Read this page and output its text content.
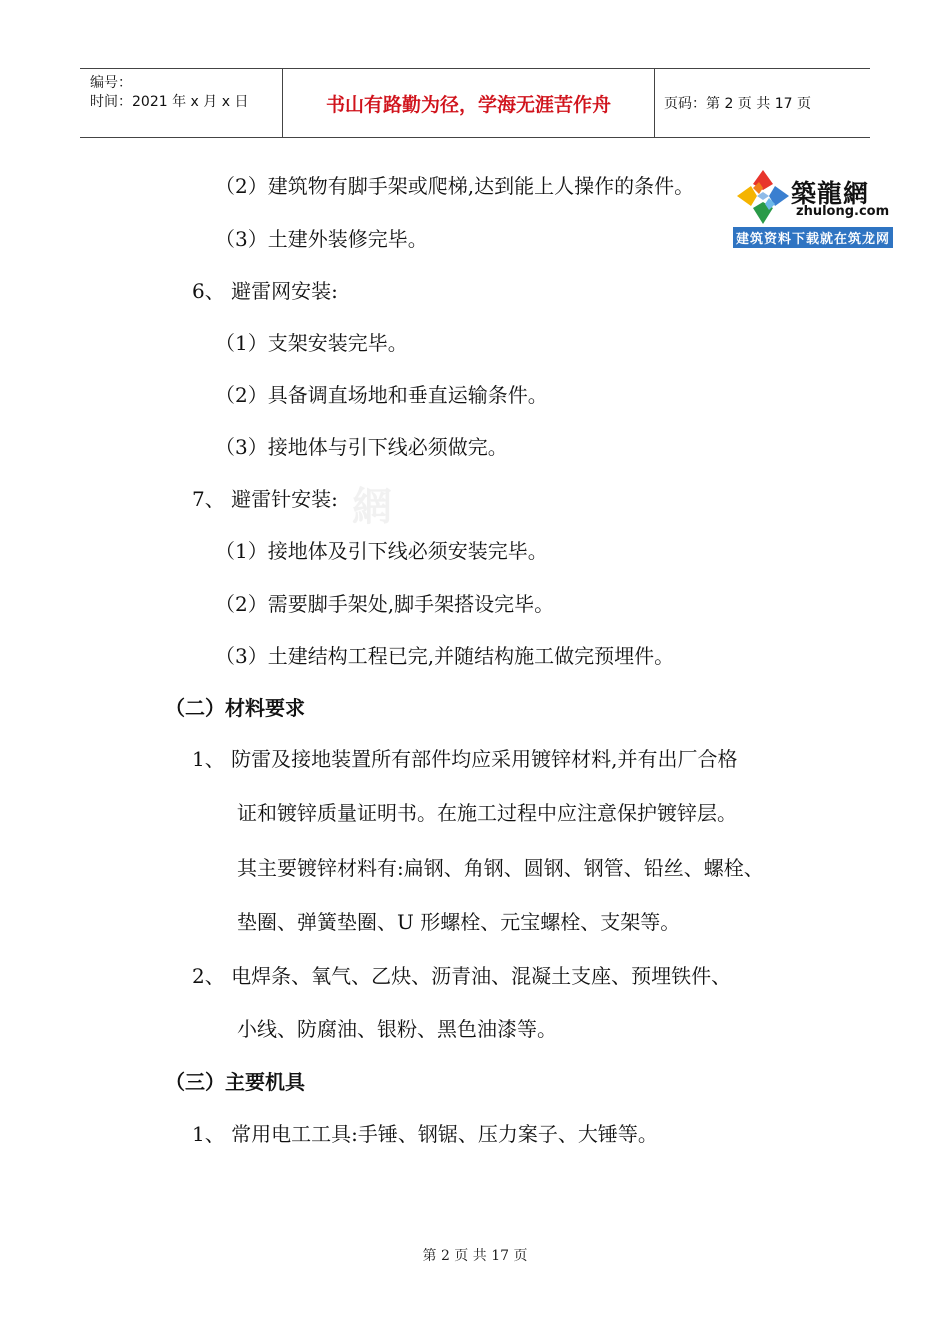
编号：
时间：2021 年 x 月 x 日	书山有路勤为径，学海无涯苦作舟	页码：第 2 页 共 17 页
築龍網
zhulong.com
建筑资料下载就在筑龙网
網
（2）建筑物有脚手架或爬梯,达到能上人操作的条件。
（3）土建外装修完毕。
6、 避雷网安装:
（1）支架安装完毕。
（2）具备调直场地和垂直运输条件。
（3）接地体与引下线必须做完。
7、 避雷针安装:
（1）接地体及引下线必须安装完毕。
（2）需要脚手架处,脚手架搭设完毕。
（3）土建结构工程已完,并随结构施工做完预埋件。
（二）材料要求
1、 防雷及接地装置所有部件均应采用镀锌材料,并有出厂合格
证和镀锌质量证明书。在施工过程中应注意保护镀锌层。
其主要镀锌材料有:扁钢、角钢、圆钢、钢管、铅丝、螺栓、
垫圈、弹簧垫圈、U 形螺栓、元宝螺栓、支架等。
2、 电焊条、氧气、乙炔、沥青油、混凝土支座、预埋铁件、
小线、防腐油、银粉、黑色油漆等。
（三）主要机具
1、 常用电工工具:手锤、钢锯、压力案子、大锤等。
第 2 页 共 17 页
